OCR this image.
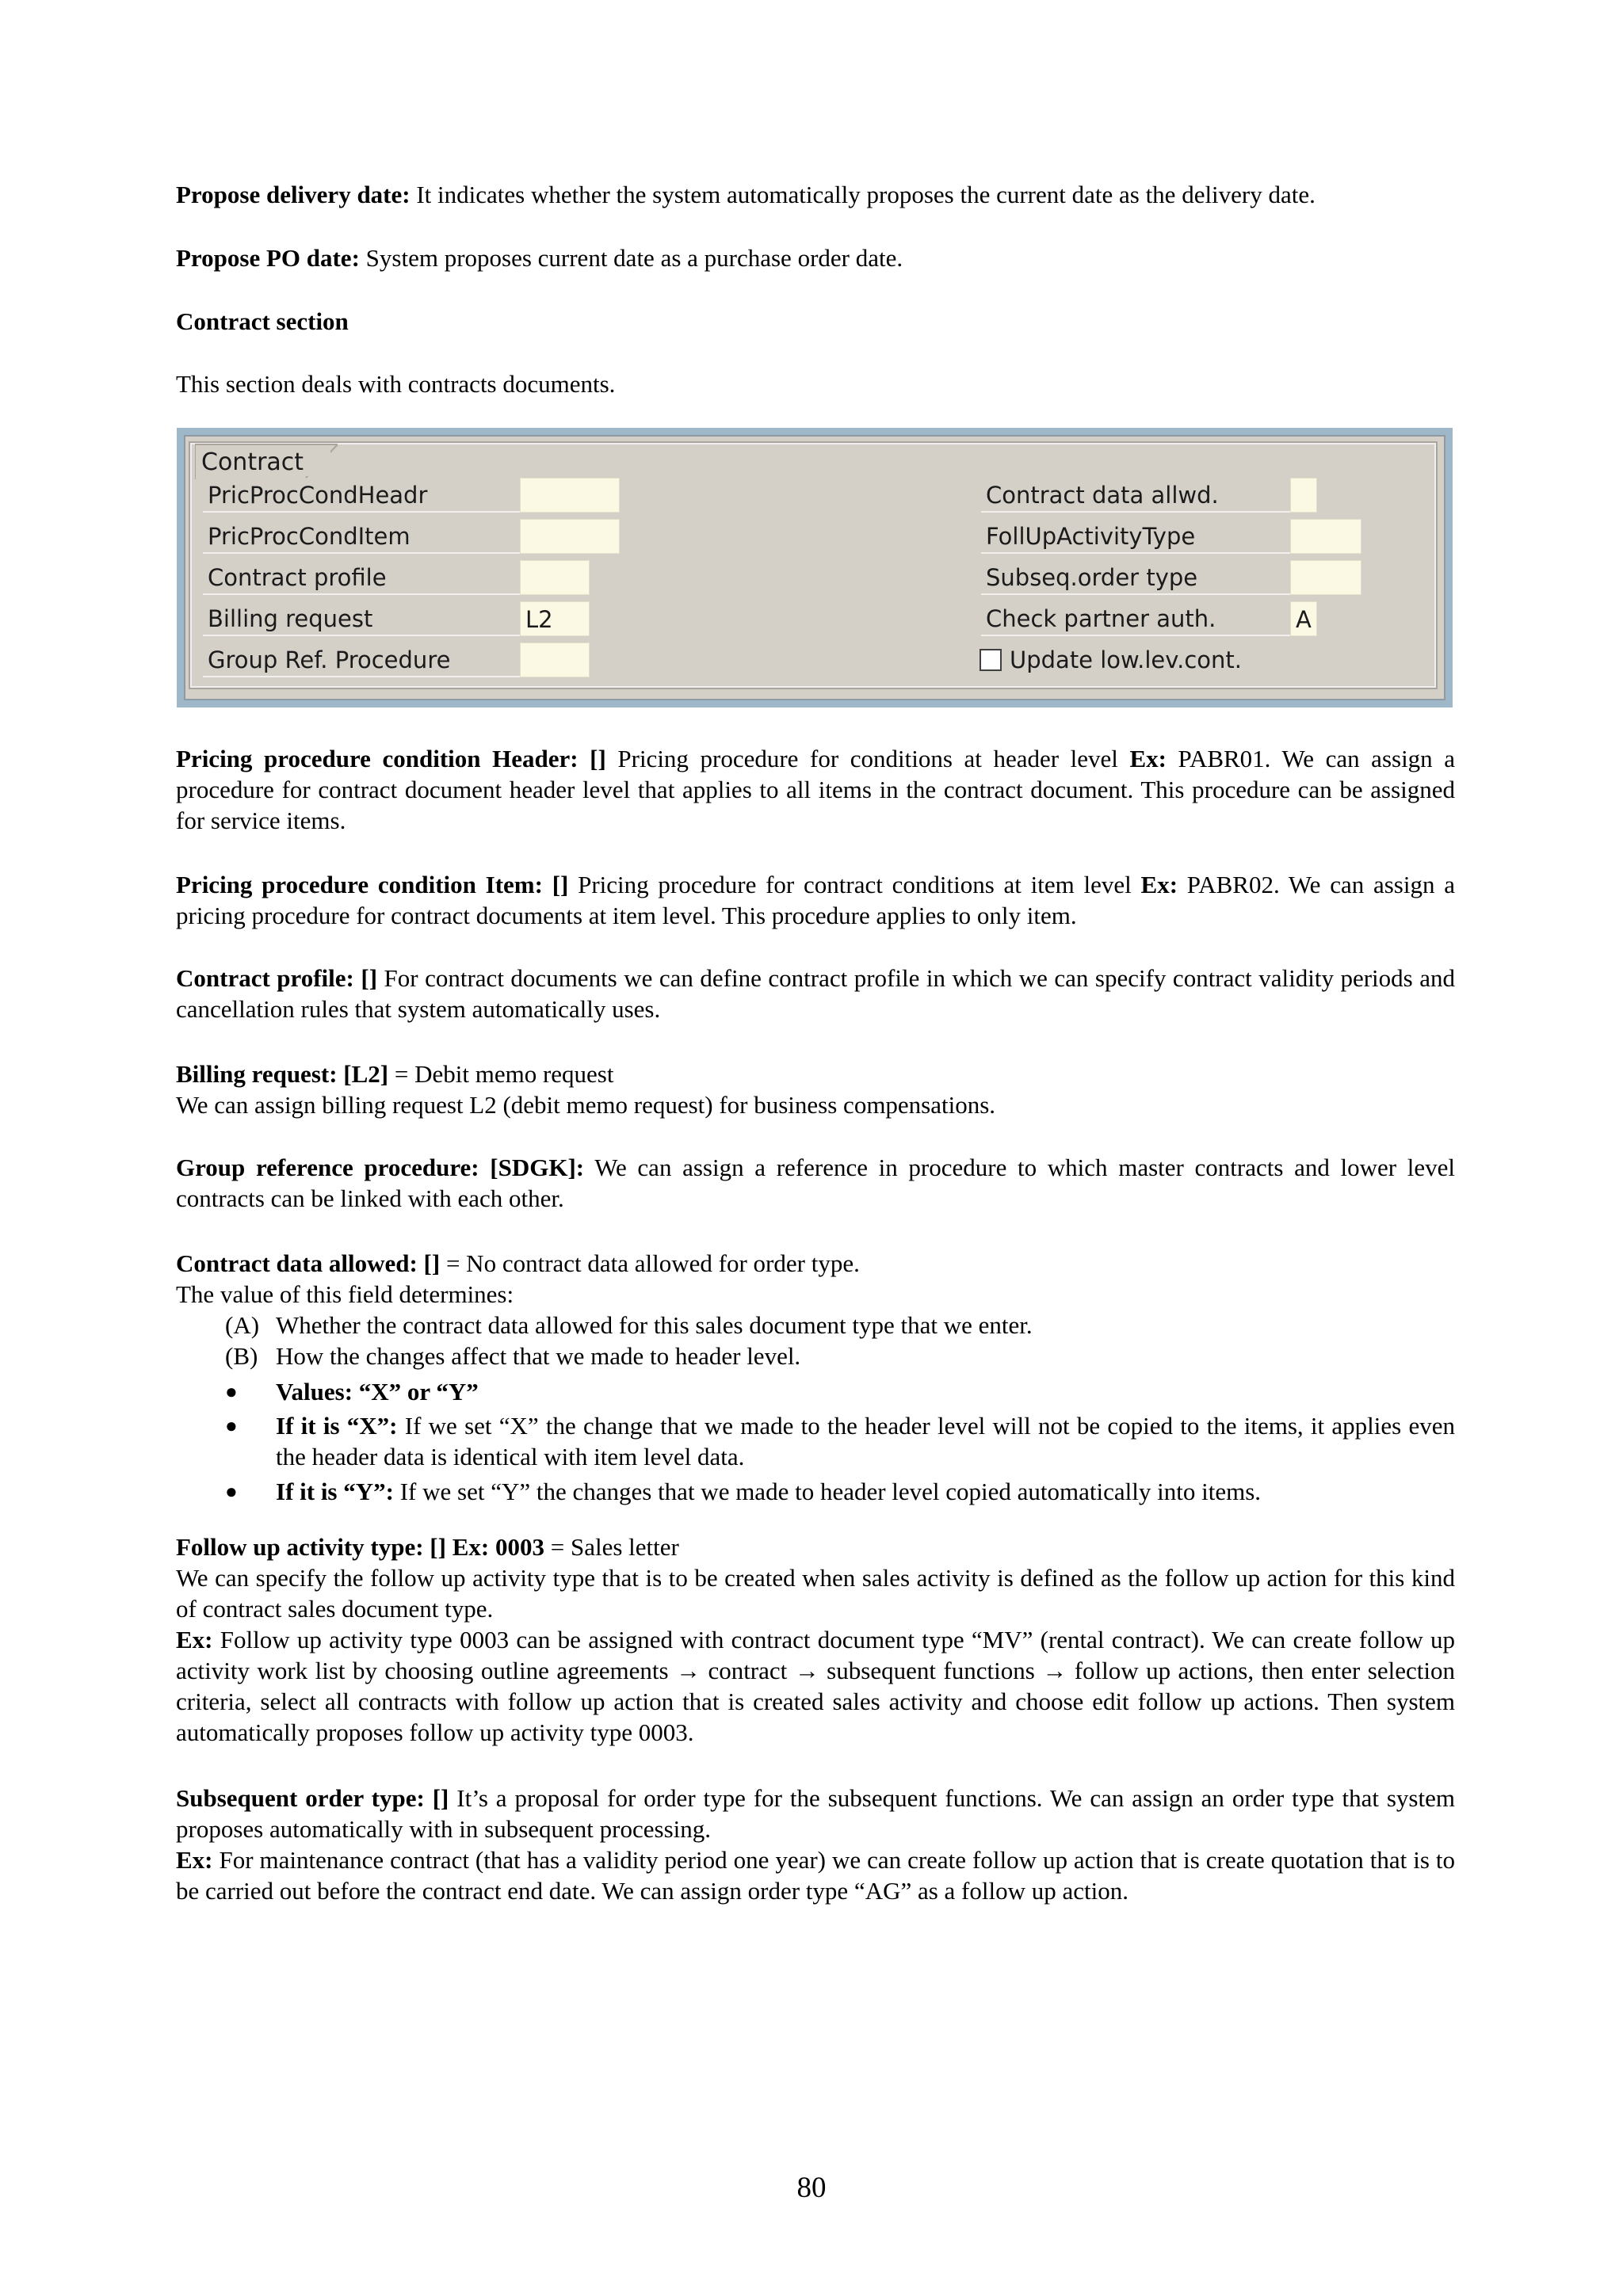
Propose delivery date: It indicates whether the system automatically proposes the current date as the delivery date.

Propose PO date: System proposes current date as a purchase order date.

Contract section

This section deals with contracts documents.

Contract
PricProcCondHeadr
PricProcCondItem
Contract profile
Billing request	L2
Group Ref. Procedure
Contract data allwd.
FollUpActivityType
Subseq.order type
Check partner auth.	A
Update low.lev.cont.

Pricing procedure condition Header: [] Pricing procedure for conditions at header level Ex: PABR01. We can assign a procedure for contract document header level that applies to all items in the contract document. This procedure can be assigned for service items.

Pricing procedure condition Item: [] Pricing procedure for contract conditions at item level Ex: PABR02. We can assign a pricing procedure for contract documents at item level. This procedure applies to only item.

Contract profile: [] For contract documents we can define contract profile in which we can specify contract validity periods and cancellation rules that system automatically uses.

Billing request: [L2] = Debit memo request
We can assign billing request L2 (debit memo request) for business compensations.

Group reference procedure: [SDGK]: We can assign a reference in procedure to which master contracts and lower level contracts can be linked with each other.

Contract data allowed: [] = No contract data allowed for order type.
The value of this field determines:

(A) Whether the contract data allowed for this sales document type that we enter.
(B) How the changes affect that we made to header level.
● Values: “X” or “Y”
● If it is “X”: If we set “X” the change that we made to the header level will not be copied to the items, it applies even the header data is identical with item level data.
● If it is “Y”: If we set “Y” the changes that we made to header level copied automatically into items.

Follow up activity type: [] Ex: 0003 = Sales letter
We can specify the follow up activity type that is to be created when sales activity is defined as the follow up action for this kind of contract sales document type.
Ex: Follow up activity type 0003 can be assigned with contract document type “MV” (rental contract). We can create follow up activity work list by choosing outline agreements → contract → subsequent functions → follow up actions, then enter selection criteria, select all contracts with follow up action that is created sales activity and choose edit follow up actions. Then system automatically proposes follow up activity type 0003.

Subsequent order type: [] It’s a proposal for order type for the subsequent functions. We can assign an order type that system proposes automatically with in subsequent processing.
Ex: For maintenance contract (that has a validity period one year) we can create follow up action that is create quotation that is to be carried out before the contract end date. We can assign order type “AG” as a follow up action.

80
